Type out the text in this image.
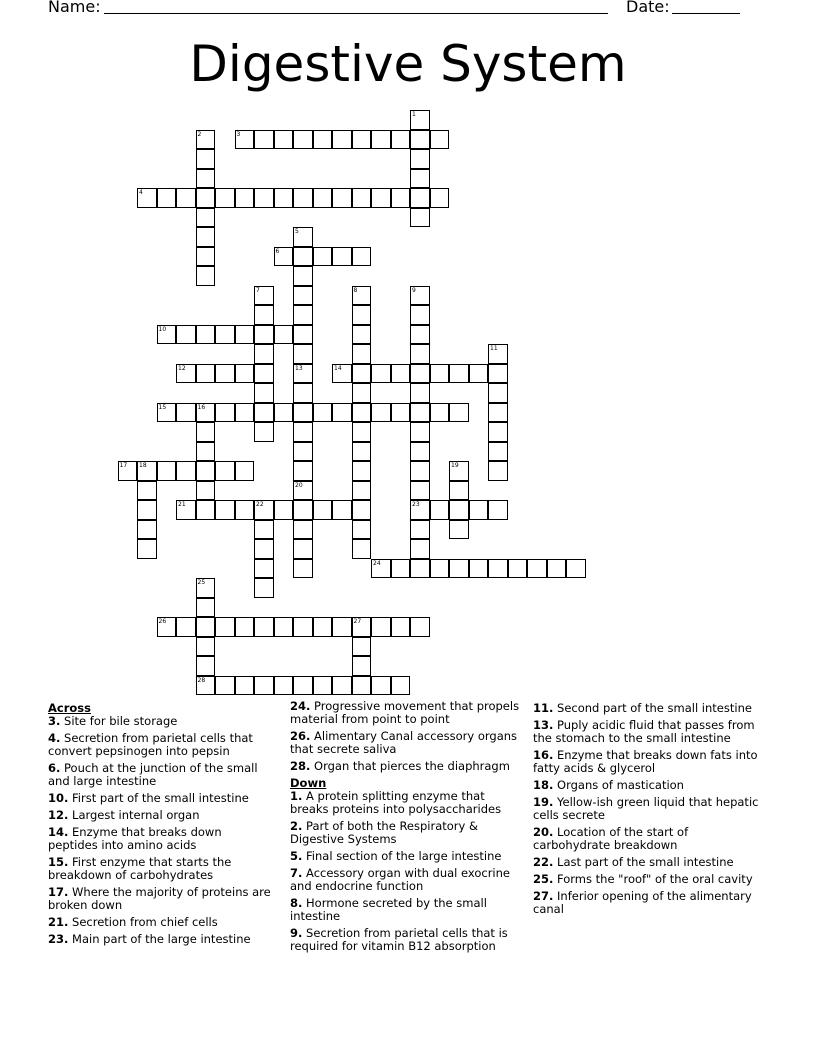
Name:	Date:
Digestive System
1
2	3
4
5
13
6
7	8	9
23
10
11
12
20
14
15	16
17 18	19
21	22
24
25
28
26	27
Across
3. Site for bile storage
4. Secretion from parietal cells that convert pepsinogen into pepsin
6. Pouch at the junction of the small and large intestine
10. First part of the small intestine
12. Largest internal organ
14. Enzyme that breaks down peptides into amino acids
15. First enzyme that starts the breakdown of carbohydrates
17. Where the majority of proteins are broken down
21. Secretion from chief cells
23. Main part of the large intestine
24. Progressive movement that propels material from point to point
26. Alimentary Canal accessory organs that secrete saliva
28. Organ that pierces the diaphragm
Down
1. A protein splitting enzyme that breaks proteins into polysaccharides
2. Part of both the Respiratory & Digestive Systems
5. Final section of the large intestine
7. Accessory organ with dual exocrine and endocrine function
8. Hormone secreted by the small intestine
9. Secretion from parietal cells that is required for vitamin B12 absorption
11. Second part of the small intestine
13. Puply acidic fluid that passes from the stomach to the small intestine
16. Enzyme that breaks down fats into fatty acids & glycerol
18. Organs of mastication
19. Yellow-ish green liquid that hepatic cells secrete
20. Location of the start of carbohydrate breakdown
22. Last part of the small intestine
25. Forms the "roof" of the oral cavity
27. Inferior opening of the alimentary canal
